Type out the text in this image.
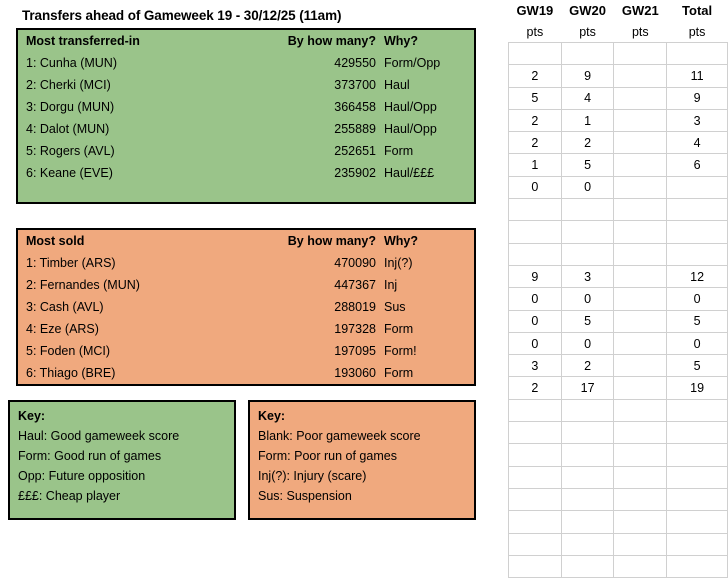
Transfers ahead of Gameweek 19 - 30/12/25 (11am)
Most transferred-in	By how many? Why?
1: Cunha (MUN)	429550 Form/Opp
2: Cherki (MCI)	373700 Haul
3: Dorgu (MUN)	366458 Haul/Opp
4: Dalot (MUN)	255889 Haul/Opp
5: Rogers (AVL)	252651 Form
6: Keane (EVE)	235902 Haul/£££
Most sold	By how many? Why?
1: Timber (ARS)	470090 Inj(?)
2: Fernandes (MUN)	447367 Inj
3: Cash (AVL)	288019 Sus
4: Eze (ARS)	197328 Form
5: Foden (MCI)	197095 Form!
6: Thiago (BRE)	193060 Form
Key:
Haul: Good gameweek score
Form: Good run of games
Opp: Future opposition
£££: Cheap player
Key:
Blank: Poor gameweek score
Form: Poor run of games
Inj(?): Injury (scare)
Sus: Suspension
GW19	GW20	GW21	Total
pts	pts	pts	pts

2	9		11
5	4		9
2	1		3
2	2		4
1	5		6
0	0		

9	3		12
0	0		0
0	5		5
0	0		0
3	2		5
2	17		19
